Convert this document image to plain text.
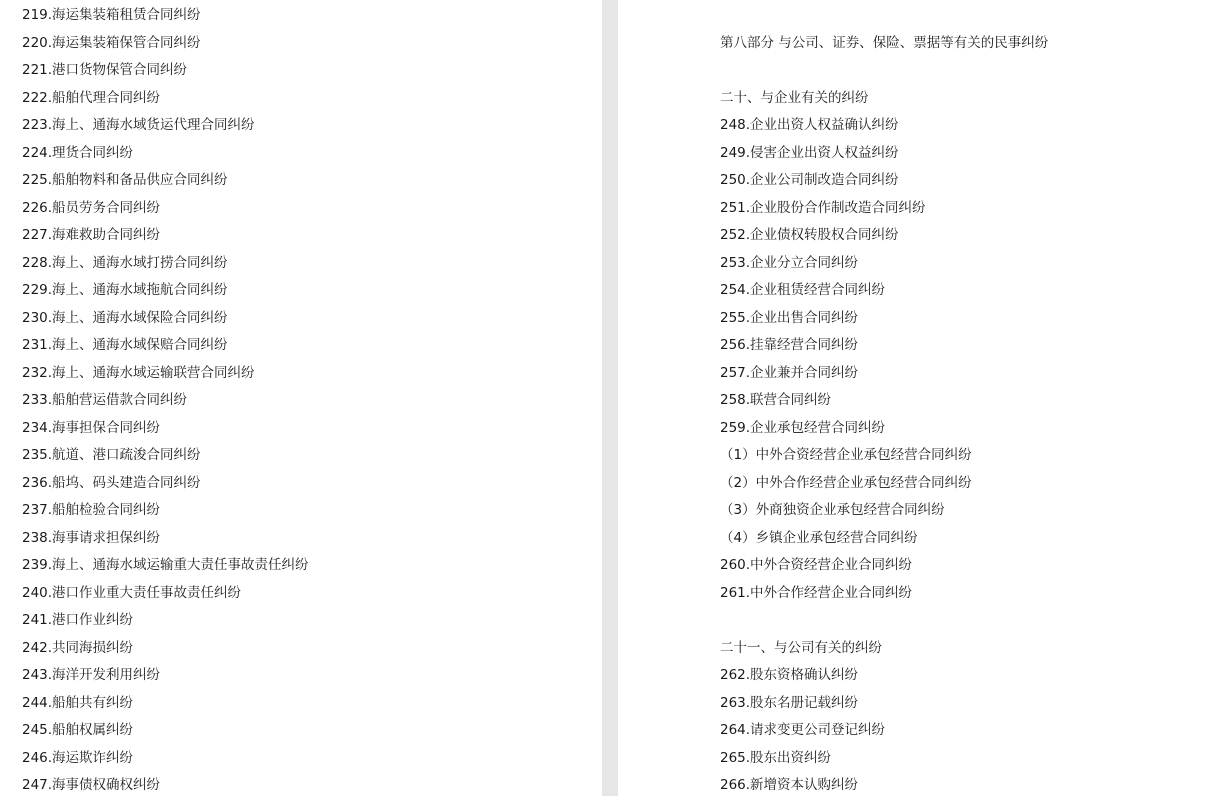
219.海运集装箱租赁合同纠纷
220.海运集装箱保管合同纠纷
221.港口货物保管合同纠纷
222.船舶代理合同纠纷
223.海上、通海水域货运代理合同纠纷
224.理货合同纠纷
225.船舶物料和备品供应合同纠纷
226.船员劳务合同纠纷
227.海难救助合同纠纷
228.海上、通海水域打捞合同纠纷
229.海上、通海水域拖航合同纠纷
230.海上、通海水域保险合同纠纷
231.海上、通海水域保赔合同纠纷
232.海上、通海水域运输联营合同纠纷
233.船舶营运借款合同纠纷
234.海事担保合同纠纷
235.航道、港口疏浚合同纠纷
236.船坞、码头建造合同纠纷
237.船舶检验合同纠纷
238.海事请求担保纠纷
239.海上、通海水域运输重大责任事故责任纠纷
240.港口作业重大责任事故责任纠纷
241.港口作业纠纷
242.共同海损纠纷
243.海洋开发利用纠纷
244.船舶共有纠纷
245.船舶权属纠纷
246.海运欺诈纠纷
247.海事债权确权纠纷
第八部分 与公司、证券、保险、票据等有关的民事纠纷
二十、与企业有关的纠纷
248.企业出资人权益确认纠纷
249.侵害企业出资人权益纠纷
250.企业公司制改造合同纠纷
251.企业股份合作制改造合同纠纷
252.企业债权转股权合同纠纷
253.企业分立合同纠纷
254.企业租赁经营合同纠纷
255.企业出售合同纠纷
256.挂靠经营合同纠纷
257.企业兼并合同纠纷
258.联营合同纠纷
259.企业承包经营合同纠纷
（1）中外合资经营企业承包经营合同纠纷
（2）中外合作经营企业承包经营合同纠纷
（3）外商独资企业承包经营合同纠纷
（4）乡镇企业承包经营合同纠纷
260.中外合资经营企业合同纠纷
261.中外合作经营企业合同纠纷
二十一、与公司有关的纠纷
262.股东资格确认纠纷
263.股东名册记载纠纷
264.请求变更公司登记纠纷
265.股东出资纠纷
266.新增资本认购纠纷
